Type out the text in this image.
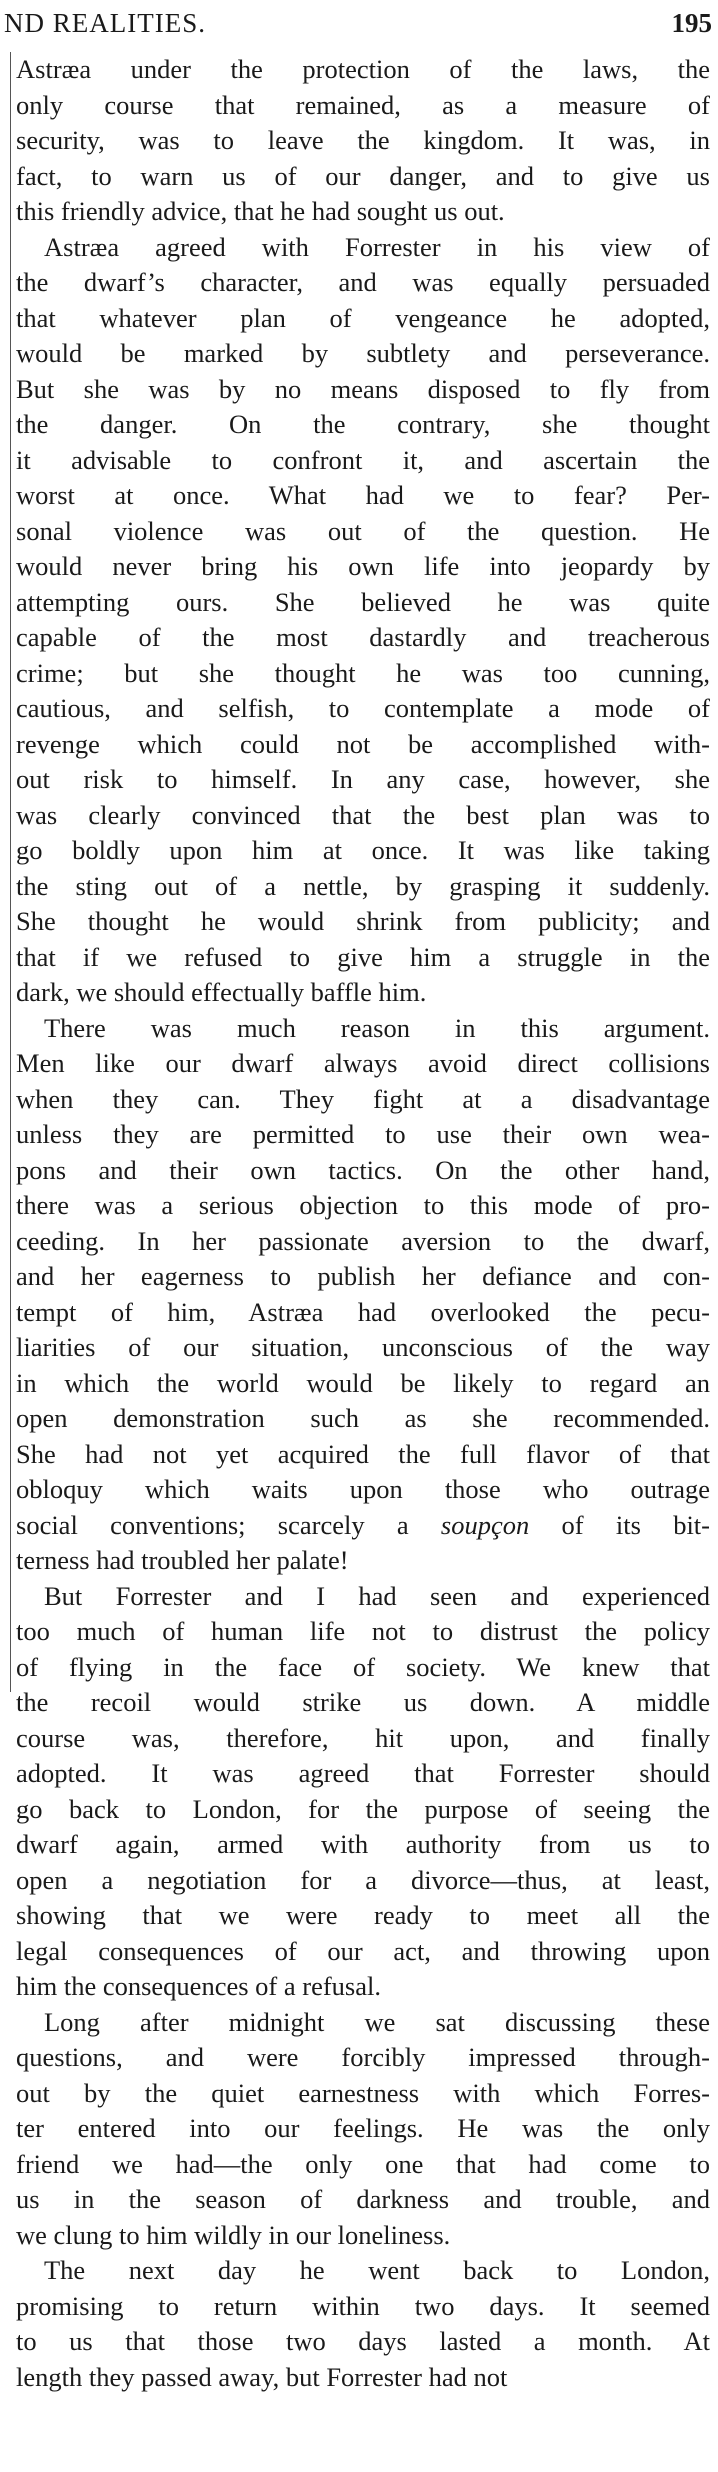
ND REALITIES.	195
Astræa under the protection of the laws, the
only course that remained, as a measure of
security, was to leave the kingdom. It was, in
fact, to warn us of our danger, and to give us
this friendly advice, that he had sought us out.
Astræa agreed with Forrester in his view of
the dwarf’s character, and was equally persuaded
that whatever plan of vengeance he adopted,
would be marked by subtlety and perseverance.
But she was by no means disposed to fly from
the danger. On the contrary, she thought
it advisable to confront it, and ascertain the
worst at once. What had we to fear? Per-
sonal violence was out of the question. He
would never bring his own life into jeopardy by
attempting ours. She believed he was quite
capable of the most dastardly and treacherous
crime; but she thought he was too cunning,
cautious, and selfish, to contemplate a mode of
revenge which could not be accomplished with-
out risk to himself. In any case, however, she
was clearly convinced that the best plan was to
go boldly upon him at once. It was like taking
the sting out of a nettle, by grasping it suddenly.
She thought he would shrink from publicity; and
that if we refused to give him a struggle in the
dark, we should effectually baffle him.
There was much reason in this argument.
Men like our dwarf always avoid direct collisions
when they can. They fight at a disadvantage
unless they are permitted to use their own wea-
pons and their own tactics. On the other hand,
there was a serious objection to this mode of pro-
ceeding. In her passionate aversion to the dwarf,
and her eagerness to publish her defiance and con-
tempt of him, Astræa had overlooked the pecu-
liarities of our situation, unconscious of the way
in which the world would be likely to regard an
open demonstration such as she recommended.
She had not yet acquired the full flavor of that
obloquy which waits upon those who outrage
social conventions; scarcely a soupçon of its bit-
terness had troubled her palate!
But Forrester and I had seen and experienced
too much of human life not to distrust the policy
of flying in the face of society. We knew that
the recoil would strike us down. A middle
course was, therefore, hit upon, and finally
adopted. It was agreed that Forrester should
go back to London, for the purpose of seeing the
dwarf again, armed with authority from us to
open a negotiation for a divorce—thus, at least,
showing that we were ready to meet all the
legal consequences of our act, and throwing upon
him the consequences of a refusal.
Long after midnight we sat discussing these
questions, and were forcibly impressed through-
out by the quiet earnestness with which Forres-
ter entered into our feelings. He was the only
friend we had—the only one that had come to
us in the season of darkness and trouble, and
we clung to him wildly in our loneliness.
The next day he went back to London,
promising to return within two days. It seemed
to us that those two days lasted a month. At
length they passed away, but Forrester had not
